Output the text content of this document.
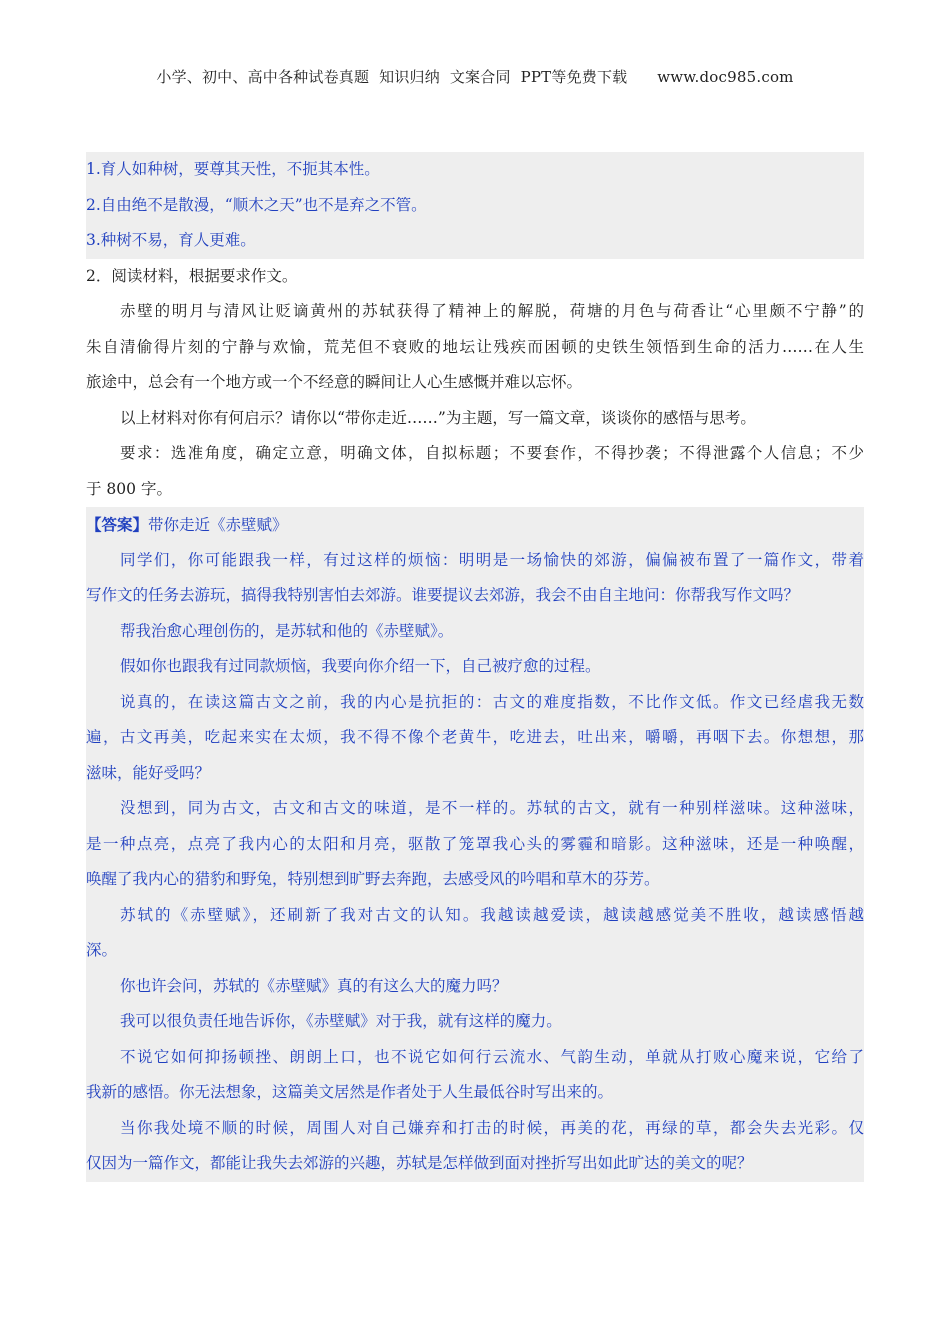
小学、初中、高中各种试卷真题  知识归纳  文案合同  PPT等免费下载 www.doc985.com
1.育人如种树，要尊其天性，不扼其本性。
2.自由绝不是散漫，“顺木之天”也不是弃之不管。
3.种树不易，育人更难。
2．阅读材料，根据要求作文。
赤壁的明月与清风让贬谪黄州的苏轼获得了精神上的解脱，荷塘的月色与荷香让“心里颇不宁静”的
朱自清偷得片刻的宁静与欢愉，荒芜但不衰败的地坛让残疾而困顿的史铁生领悟到生命的活力……在人生
旅途中，总会有一个地方或一个不经意的瞬间让人心生感慨并难以忘怀。
以上材料对你有何启示？请你以“带你走近……”为主题，写一篇文章，谈谈你的感悟与思考。
要求：选准角度，确定立意，明确文体，自拟标题；不要套作，不得抄袭；不得泄露个人信息；不少
于 800 字。
【答案】带你走近《赤壁赋》
同学们，你可能跟我一样，有过这样的烦恼：明明是一场愉快的郊游，偏偏被布置了一篇作文，带着
写作文的任务去游玩，搞得我特别害怕去郊游。谁要提议去郊游，我会不由自主地问：你帮我写作文吗？
帮我治愈心理创伤的，是苏轼和他的《赤壁赋》。
假如你也跟我有过同款烦恼，我要向你介绍一下，自己被疗愈的过程。
说真的，在读这篇古文之前，我的内心是抗拒的：古文的难度指数，不比作文低。作文已经虐我无数
遍，古文再美，吃起来实在太烦，我不得不像个老黄牛，吃进去，吐出来，嚼嚼，再咽下去。你想想，那
滋味，能好受吗？
没想到，同为古文，古文和古文的味道，是不一样的。苏轼的古文，就有一种别样滋味。这种滋味，
是一种点亮，点亮了我内心的太阳和月亮，驱散了笼罩我心头的雾霾和暗影。这种滋味，还是一种唤醒，
唤醒了我内心的猎豹和野兔，特别想到旷野去奔跑，去感受风的吟唱和草木的芬芳。
苏轼的《赤壁赋》，还刷新了我对古文的认知。我越读越爱读，越读越感觉美不胜收，越读感悟越
深。
你也许会问，苏轼的《赤壁赋》真的有这么大的魔力吗？
我可以很负责任地告诉你，《赤壁赋》对于我，就有这样的魔力。
不说它如何抑扬顿挫、朗朗上口，也不说它如何行云流水、气韵生动，单就从打败心魔来说，它给了
我新的感悟。你无法想象，这篇美文居然是作者处于人生最低谷时写出来的。
当你我处境不顺的时候，周围人对自己嫌弃和打击的时候，再美的花，再绿的草，都会失去光彩。仅
仅因为一篇作文，都能让我失去郊游的兴趣，苏轼是怎样做到面对挫折写出如此旷达的美文的呢？
